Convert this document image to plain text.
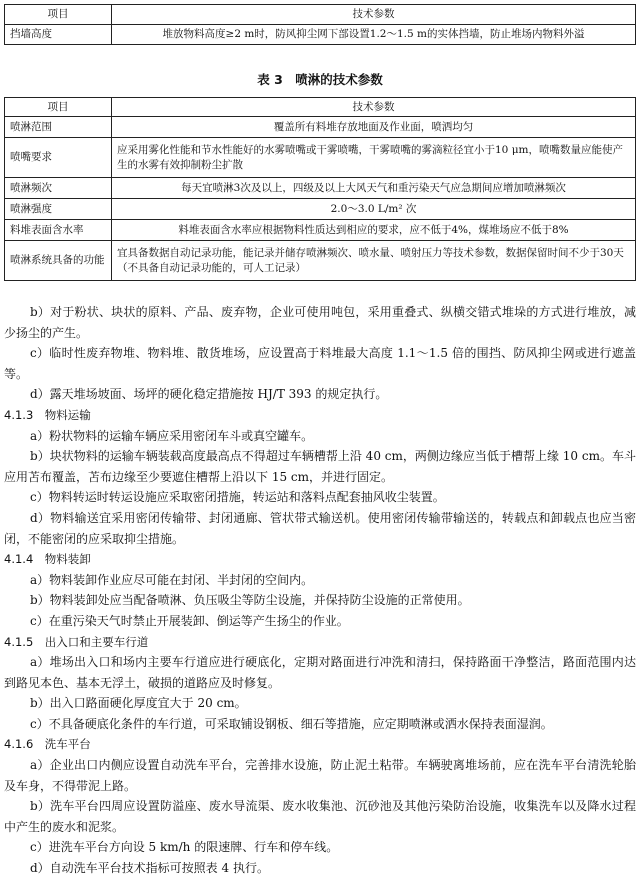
项目	技术参数
挡墙高度	堆放物料高度≥2 m时，防风抑尘网下部设置1.2～1.5 m的实体挡墙，防止堆场内物料外溢
表 3　喷淋的技术参数
项目	技术参数
喷淋范围	覆盖所有料堆存放地面及作业面，喷洒均匀
喷嘴要求	应采用雾化性能和节水性能好的水雾喷嘴或干雾喷嘴，干雾喷嘴的雾滴粒径宜小于10 μm，喷嘴数量应能使产生的水雾有效抑制粉尘扩散
喷淋频次	每天宜喷淋3次及以上，四级及以上大风天气和重污染天气应急期间应增加喷淋频次
喷淋强度	2.0～3.0 L/m² 次
料堆表面含水率	料堆表面含水率应根据物料性质达到相应的要求，应不低于4%，煤堆场应不低于8%
喷淋系统具备的功能	宜具备数据自动记录功能，能记录并储存喷淋频次、喷水量、喷射压力等技术参数，数据保留时间不少于30天（不具备自动记录功能的，可人工记录）

b）对于粉状、块状的原料、产品、废弃物，企业可使用吨包，采用重叠式、纵横交错式堆垛的方式进行堆放，减少扬尘的产生。

c）临时性废弃物堆、物料堆、散货堆场，应设置高于料堆最大高度 1.1～1.5 倍的围挡、防风抑尘网或进行遮盖等。

d）露天堆场坡面、场坪的硬化稳定措施按 HJ/T 393 的规定执行。

4.1.3　物料运输

a）粉状物料的运输车辆应采用密闭车斗或真空罐车。

b）块状物料的运输车辆装载高度最高点不得超过车辆槽帮上沿 40 cm，两侧边缘应当低于槽帮上缘 10 cm。车斗应用苫布覆盖，苫布边缘至少要遮住槽帮上沿以下 15 cm，并进行固定。

c）物料转运时转运设施应采取密闭措施，转运站和落料点配套抽风收尘装置。

d）物料输送宜采用密闭传输带、封闭通廊、管状带式输送机。使用密闭传输带输送的，转载点和卸载点也应当密闭，不能密闭的应采取抑尘措施。

4.1.4　物料装卸

a）物料装卸作业应尽可能在封闭、半封闭的空间内。

b）物料装卸处应当配备喷淋、负压吸尘等防尘设施，并保持防尘设施的正常使用。

c）在重污染天气时禁止开展装卸、倒运等产生扬尘的作业。

4.1.5　出入口和主要车行道

a）堆场出入口和场内主要车行道应进行硬底化，定期对路面进行冲洗和清扫，保持路面干净整洁，路面范围内达到路见本色、基本无浮土，破损的道路应及时修复。

b）出入口路面硬化厚度宜大于 20 cm。

c）不具备硬底化条件的车行道，可采取铺设钢板、细石等措施，应定期喷淋或洒水保持表面湿润。

4.1.6　洗车平台

a）企业出口内侧应设置自动洗车平台，完善排水设施，防止泥土粘带。车辆驶离堆场前，应在洗车平台清洗轮胎及车身，不得带泥上路。

b）洗车平台四周应设置防溢座、废水导流渠、废水收集池、沉砂池及其他污染防治设施，收集洗车以及降水过程中产生的废水和泥浆。

c）进洗车平台方向设 5 km/h 的限速牌、行车和停车线。

d）自动洗车平台技术指标可按照表 4 执行。
